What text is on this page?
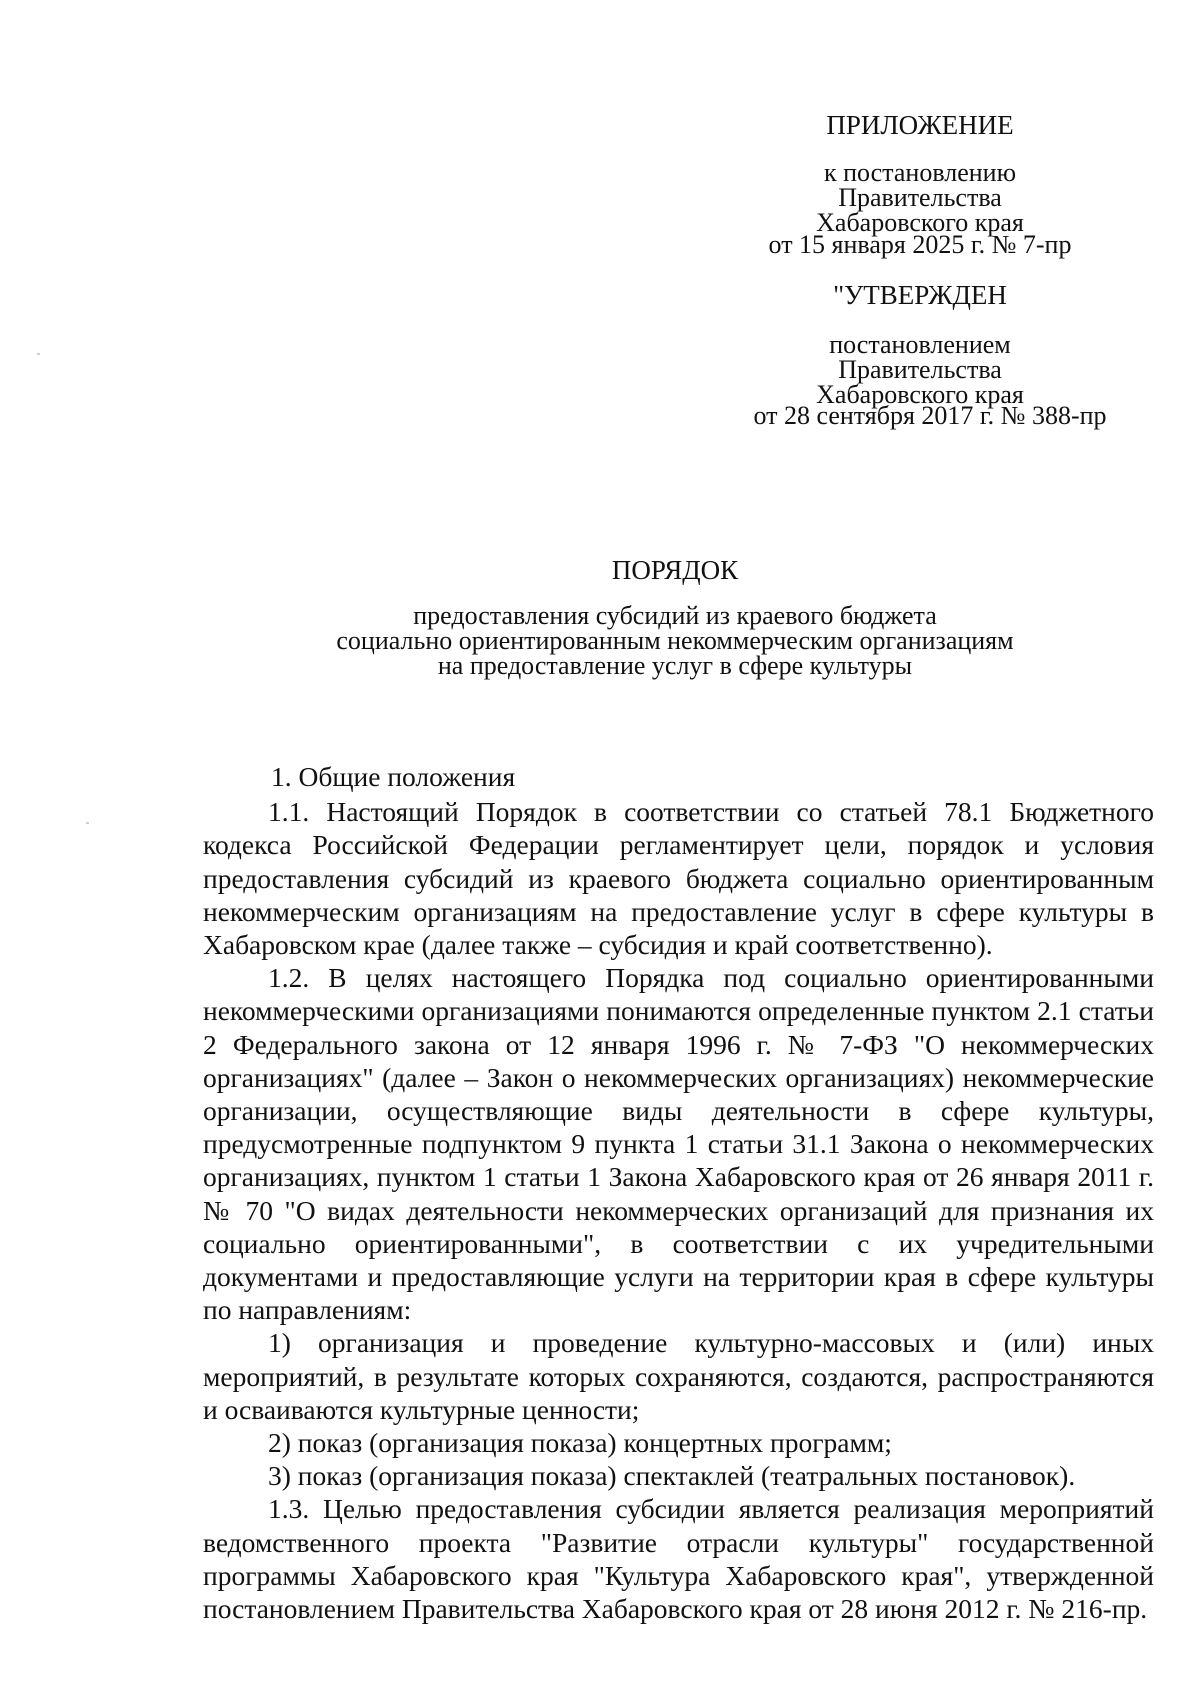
ПРИЛОЖЕНИЕ
к постановлению
Правительства
Хабаровского края
от 15 января 2025 г. № 7-пр
"УТВЕРЖДЕН
постановлением
Правительства
Хабаровского края
от 28 сентября 2017 г. № 388-пр
ПОРЯДОК
предоставления субсидий из краевого бюджета
социально ориентированным некоммерческим организациям
на предоставление услуг в сфере культуры

1. Общие положения

1.1. Настоящий Порядок в соответствии со статьей 78.1 Бюджетного кодекса Российской Федерации регламентирует цели, порядок и условия предоставления субсидий из краевого бюджета социально ориентированным некоммерческим организациям на предоставление услуг в сфере культуры в Хабаровском крае (далее также – субсидия и край соответственно).

1.2. В целях настоящего Порядка под социально ориентированными некоммерческими организациями понимаются определенные пунктом 2.1 статьи 2 Федерального закона от 12 января 1996 г. № 7-ФЗ "О некоммерческих организациях" (далее – Закон о некоммерческих организациях) некоммерческие организации, осуществляющие виды деятельности в сфере культуры, предусмотренные подпунктом 9 пункта 1 статьи 31.1 Закона о некоммерческих организациях, пунктом 1 статьи 1 Закона Хабаровского края от 26 января 2011 г. № 70 "О видах деятельности некоммерческих организаций для признания их социально ориентированными", в соответствии с их учредительными документами и предоставляющие услуги на территории края в сфере культуры по направлениям:

1) организация и проведение культурно-массовых и (или) иных мероприятий, в результате которых сохраняются, создаются, распространяются и осваиваются культурные ценности;

2) показ (организация показа) концертных программ;

3) показ (организация показа) спектаклей (театральных постановок).

1.3. Целью предоставления субсидии является реализация мероприятий ведомственного проекта "Развитие отрасли культуры" государственной программы Хабаровского края "Культура Хабаровского края", утвержденной постановлением Правительства Хабаровского края от 28 июня 2012 г. № 216-пр.
